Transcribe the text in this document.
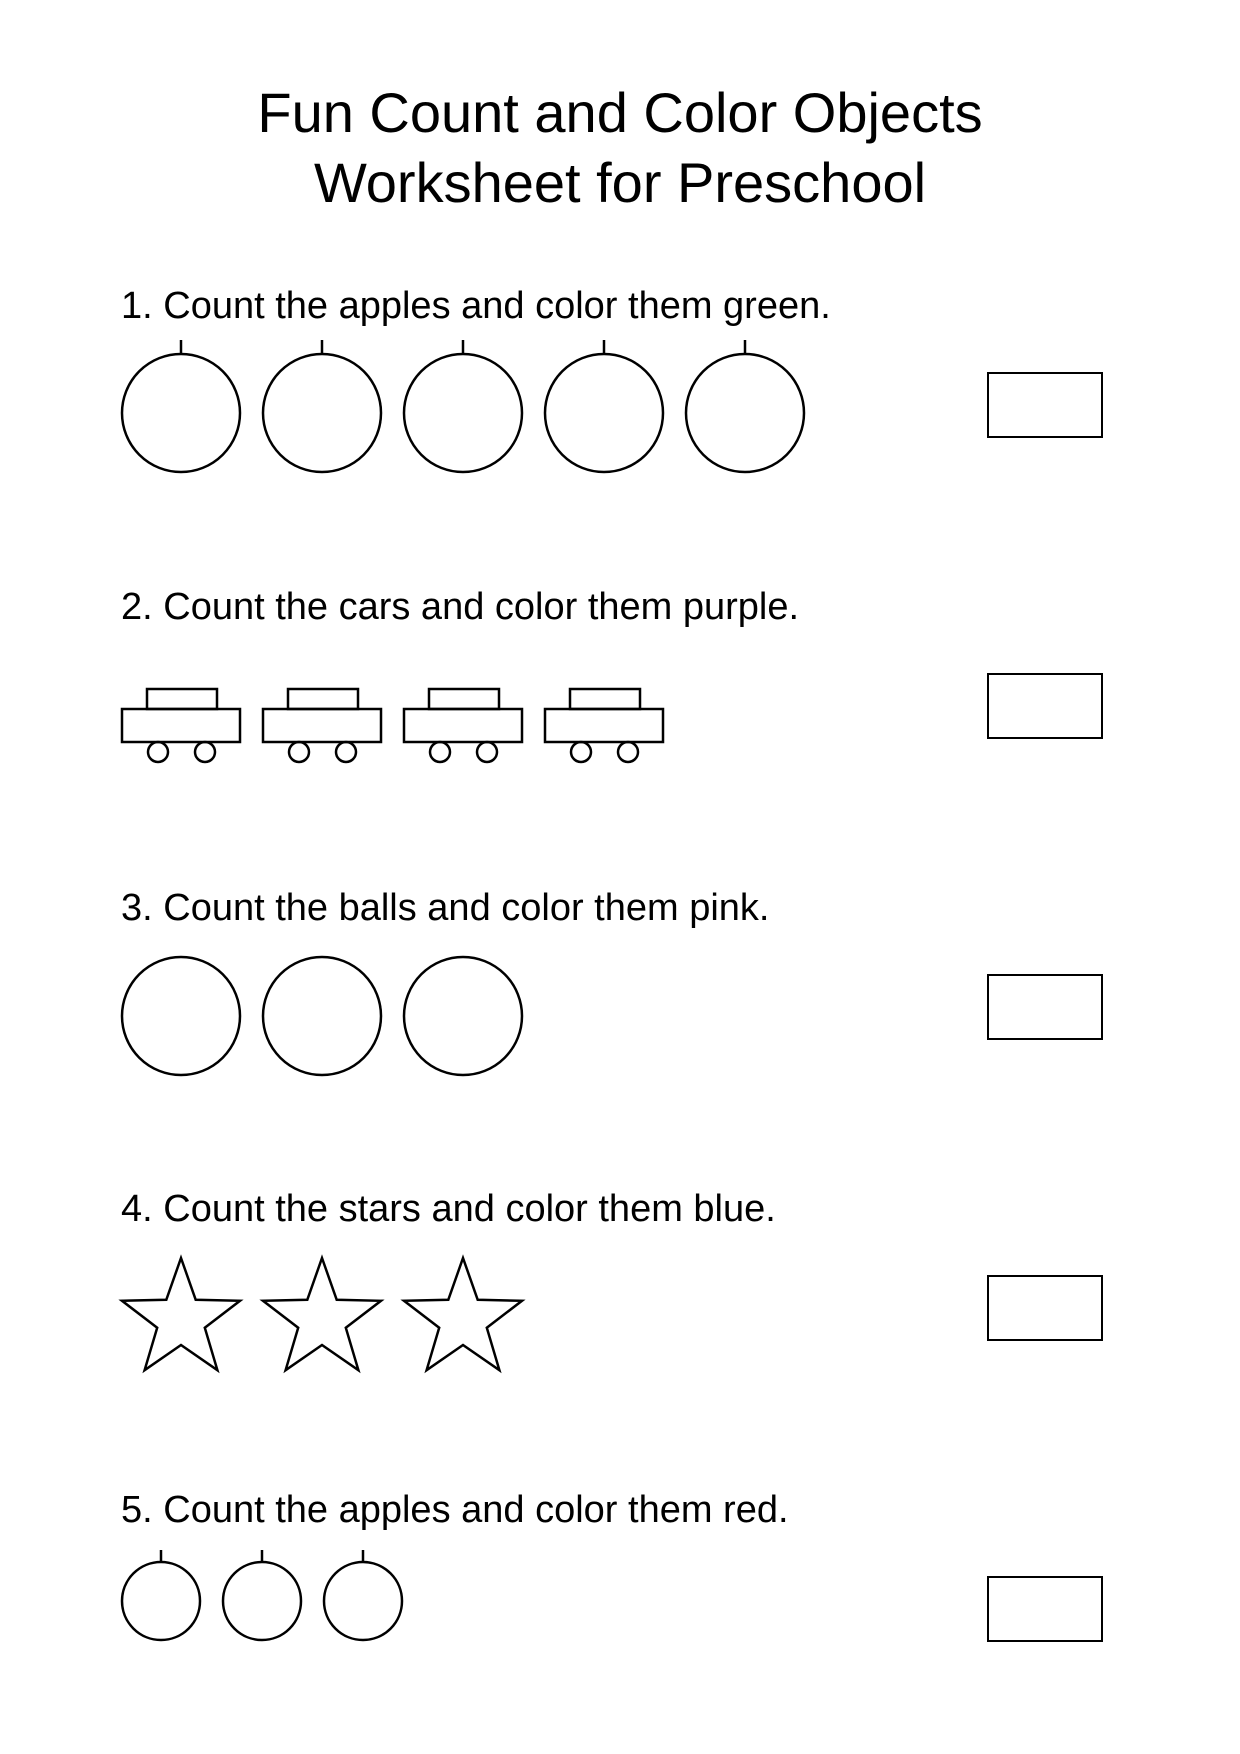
Fun Count and Color Objects
Worksheet for Preschool
1. Count the apples and color them green.
2. Count the cars and color them purple.
3. Count the balls and color them pink.
4. Count the stars and color them blue.
5. Count the apples and color them red.
